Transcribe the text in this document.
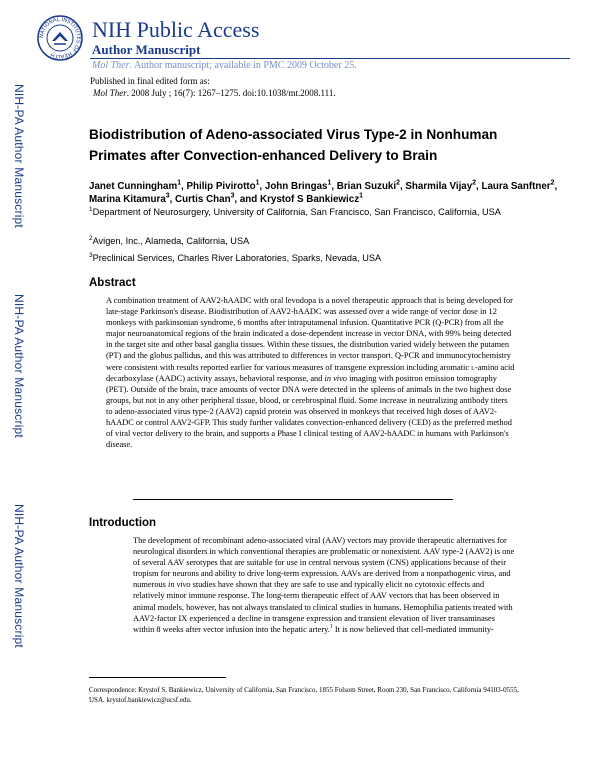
NATIONAL INSTITUTES OF HEALTH
NIH Public Access
Author Manuscript
Mol Ther. Author manuscript; available in PMC 2009 October 25.
Published in final edited form as:
Mol Ther. 2008 July ; 16(7): 1267–1275. doi:10.1038/mt.2008.111.
NIH-PA Author Manuscript
NIH-PA Author Manuscript
NIH-PA Author Manuscript
Biodistribution of Adeno-associated Virus Type-2 in Nonhuman Primates after Convection-enhanced Delivery to Brain
Janet Cunningham$^1$, Philip Pivirotto$^1$, John Bringas$^1$, Brian Suzuki$^2$, Sharmila Vijay$^2$, Laura Sanftner$^2$, Marina Kitamura$^3$, Curtis Chan$^3$, and Krystof S Bankiewicz$^1$
$^1$Department of Neurosurgery, University of California, San Francisco, San Francisco, California, USA
$^2$Avigen, Inc., Alameda, California, USA
$^3$Preclinical Services, Charles River Laboratories, Sparks, Nevada, USA
Abstract

A combination treatment of AAV2-hAADC with oral levodopa is a novel therapeutic approach that is being developed for late-stage Parkinson's disease. Biodistribution of AAV2-hAADC was assessed over a wide range of vector dose in 12 monkeys with parkinsonian syndrome, 6 months after intraputamenal infusion. Quantitative PCR (Q-PCR) from all the major neuroanatomical regions of the brain indicated a dose-dependent increase in vector DNA, with 99% being detected in the target site and other basal ganglia tissues. Within these tissues, the distribution varied widely between the putamen (PT) and the globus pallidus, and this was attributed to differences in vector transport. Q-PCR and immunocytochemistry were consistent with results reported earlier for various measures of transgene expression including aromatic l-amino acid decarboxylase (AADC) activity assays, behavioral response, and in vivo imaging with positron emission tomography (PET). Outside of the brain, trace amounts of vector DNA were detected in the spleens of animals in the two highest dose groups, but not in any other peripheral tissue, blood, or cerebrospinal fluid. Some increase in neutralizing antibody titers to adeno-associated virus type-2 (AAV2) capsid protein was observed in monkeys that received high doses of AAV2-hAADC or control AAV2-GFP. This study further validates convection-enhanced delivery (CED) as the preferred method of viral vector delivery to the brain, and supports a Phase I clinical testing of AAV2-hAADC in humans with Parkinson's disease.

Introduction

The development of recombinant adeno-associated viral (AAV) vectors may provide therapeutic alternatives for neurological disorders in which conventional therapies are problematic or nonexistent. AAV type-2 (AAV2) is one of several AAV serotypes that are suitable for use in central nervous system (CNS) applications because of their tropism for neurons and ability to drive long-term expression. AAVs are derived from a nonpathogenic virus, and numerous in vivo studies have shown that they are safe to use and typically elicit no cytotoxic effects and relatively minor immune response. The long-term therapeutic effect of AAV vectors that has been observed in animal models, however, has not always translated to clinical studies in humans. Hemophilia patients treated with AAV2-factor IX experienced a decline in transgene expression and transient elevation of liver transaminases within 8 weeks after vector infusion into the hepatic artery.$^1$ It is now believed that cell-mediated immunity-

Correspondence: Krystof S. Bankiewicz, University of California, San Francisco, 1855 Folsom Street, Room 230, San Francisco, California 94103-0555, USA. krystof.bankiewicz@ucsf.edu.
